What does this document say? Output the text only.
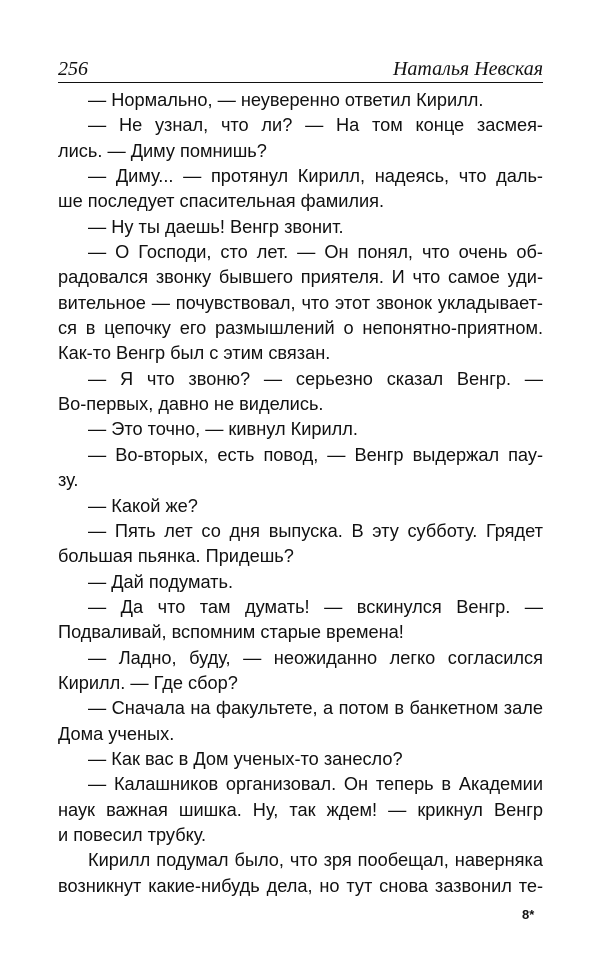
256	Наталья Невская
— Нормально, — неуверенно ответил Кирилл.
— Не узнал, что ли? — На том конце засмея-
лись. — Диму помнишь?
— Диму... — протянул Кирилл, надеясь, что даль-
ше последует спасительная фамилия.
— Ну ты даешь! Венгр звонит.
— О Господи, сто лет. — Он понял, что очень об-
радовался звонку бывшего приятеля. И что самое уди-
вительное — почувствовал, что этот звонок укладывает-
ся в цепочку его размышлений о непонятно-приятном.
Как-то Венгр был с этим связан.
— Я что звоню? — серьезно сказал Венгр. —
Во-первых, давно не виделись.
— Это точно, — кивнул Кирилл.
— Во-вторых, есть повод, — Венгр выдержал пау-
зу.
— Какой же?
— Пять лет со дня выпуска. В эту субботу. Грядет
большая пьянка. Придешь?
— Дай подумать.
— Да что там думать! — вскинулся Венгр. —
Подваливай, вспомним старые времена!
— Ладно, буду, — неожиданно легко согласился
Кирилл. — Где сбор?
— Сначала на факультете, а потом в банкетном зале
Дома ученых.
— Как вас в Дом ученых-то занесло?
— Калашников организовал. Он теперь в Академии
наук важная шишка. Ну, так ждем! — крикнул Венгр
и повесил трубку.
Кирилл подумал было, что зря пообещал, наверняка
возникнут какие-нибудь дела, но тут снова зазвонил те-
8*
